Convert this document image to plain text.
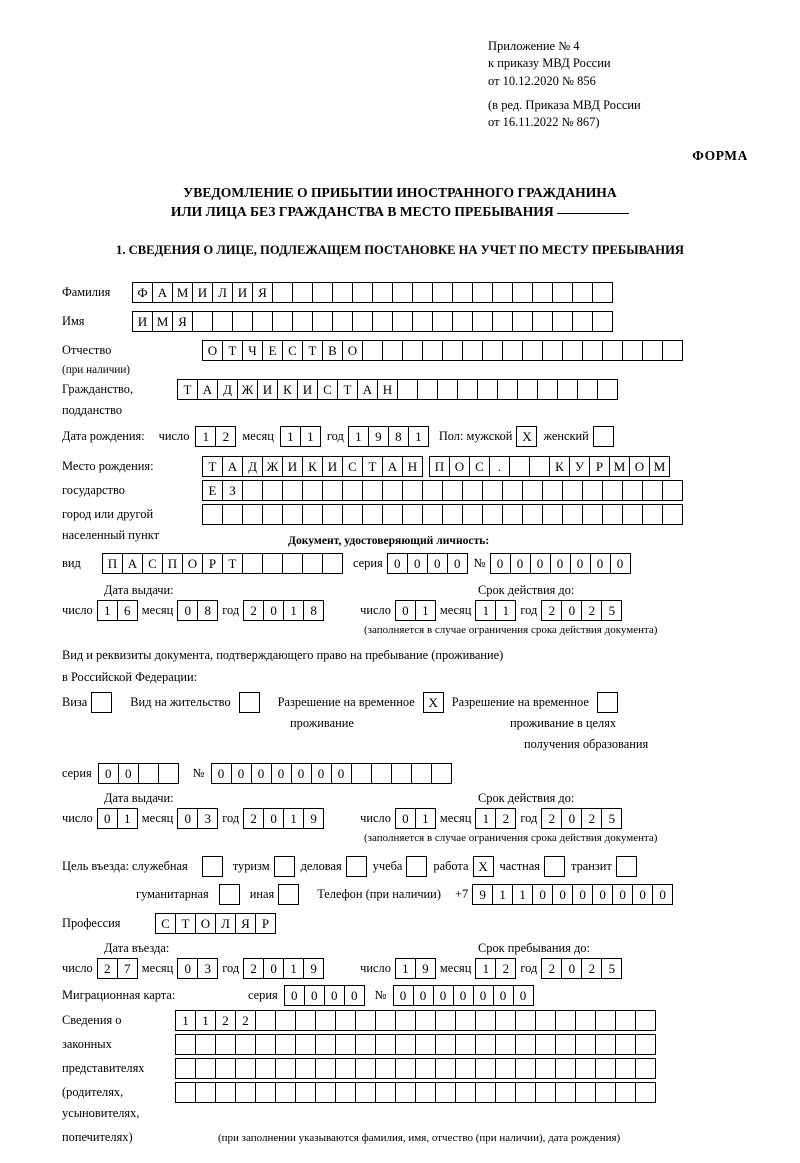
Приложение № 4
к приказу МВД России
от 10.12.2020 № 856
(в ред. Приказа МВД России
от 16.11.2022 № 867)
ФОРМА
УВЕДОМЛЕНИЕ О ПРИБЫТИИ ИНОСТРАННОГО ГРАЖДАНИНА
ИЛИ ЛИЦА БЕЗ ГРАЖДАНСТВА В МЕСТО ПРЕБЫВАНИЯ
1. СВЕДЕНИЯ О ЛИЦЕ, ПОДЛЕЖАЩЕМ ПОСТАНОВКЕ НА УЧЕТ ПО МЕСТУ ПРЕБЫВАНИЯ
Фамилия	Ф А М И Л И Я
Имя	И М Я
Отчество	О Т Ч Е С Т В О
(при наличии)
Гражданство,	Т А Д Ж И К И С Т А Н
подданство
Дата рождения: число	1	2	месяц	1	1	год 1	9	8	1	Пол: мужской X женский
Место рождения:	Т А Д Ж И К И С Т А Н	П О С	.	К У Р М О М
государство	Е З
город или другой
населенный пункт	Документ, удостоверяющий личность:
вид	П А С П О Р Т	серия 0	0	0	0	№ 0	0	0	0	0	0	0
Дата выдачи:	Срок действия до:
число 1	6 месяц 0	8 год 2	0	1	8	число 0	1 месяц 1	1 год 2	0	2	5
(заполняется в случае ограничения срока действия документа)
Вид и реквизиты документа, подтверждающего право на пребывание (проживание)
в Российской Федерации:
Виза	Вид на жительство	Разрешение на временное	X	Разрешение на временное
проживание	проживание в целях
получения образования
серия	0	0	№	0	0	0	0	0	0	0
Дата выдачи:	Срок действия до:
число 0	1 месяц 0	3 год 2	0	1	9	число 0	1 месяц 1	2 год 2	0	2	5
(заполняется в случае ограничения срока действия документа)
Цель въезда: служебная	туризм	деловая	учеба	работа X частная	транзит
гуманитарная	иная	Телефон (при наличии) +7 9	1	1	0	0	0	0	0	0	0
Профессия	С Т О Л Я Р
Дата въезда:	Срок пребывания до:
число 2	7 месяц 0	3 год 2	0	1	9	число 1	9 месяц 1	2 год 2	0	2	5
Миграционная карта:	серия	0	0	0	0	№	0	0	0	0	0	0	0
Сведения о	1	1	2	2
законных
представителях
(родителях,
усыновителях,
попечителях)	(при заполнении указываются фамилия, имя, отчество (при наличии), дата рождения)
